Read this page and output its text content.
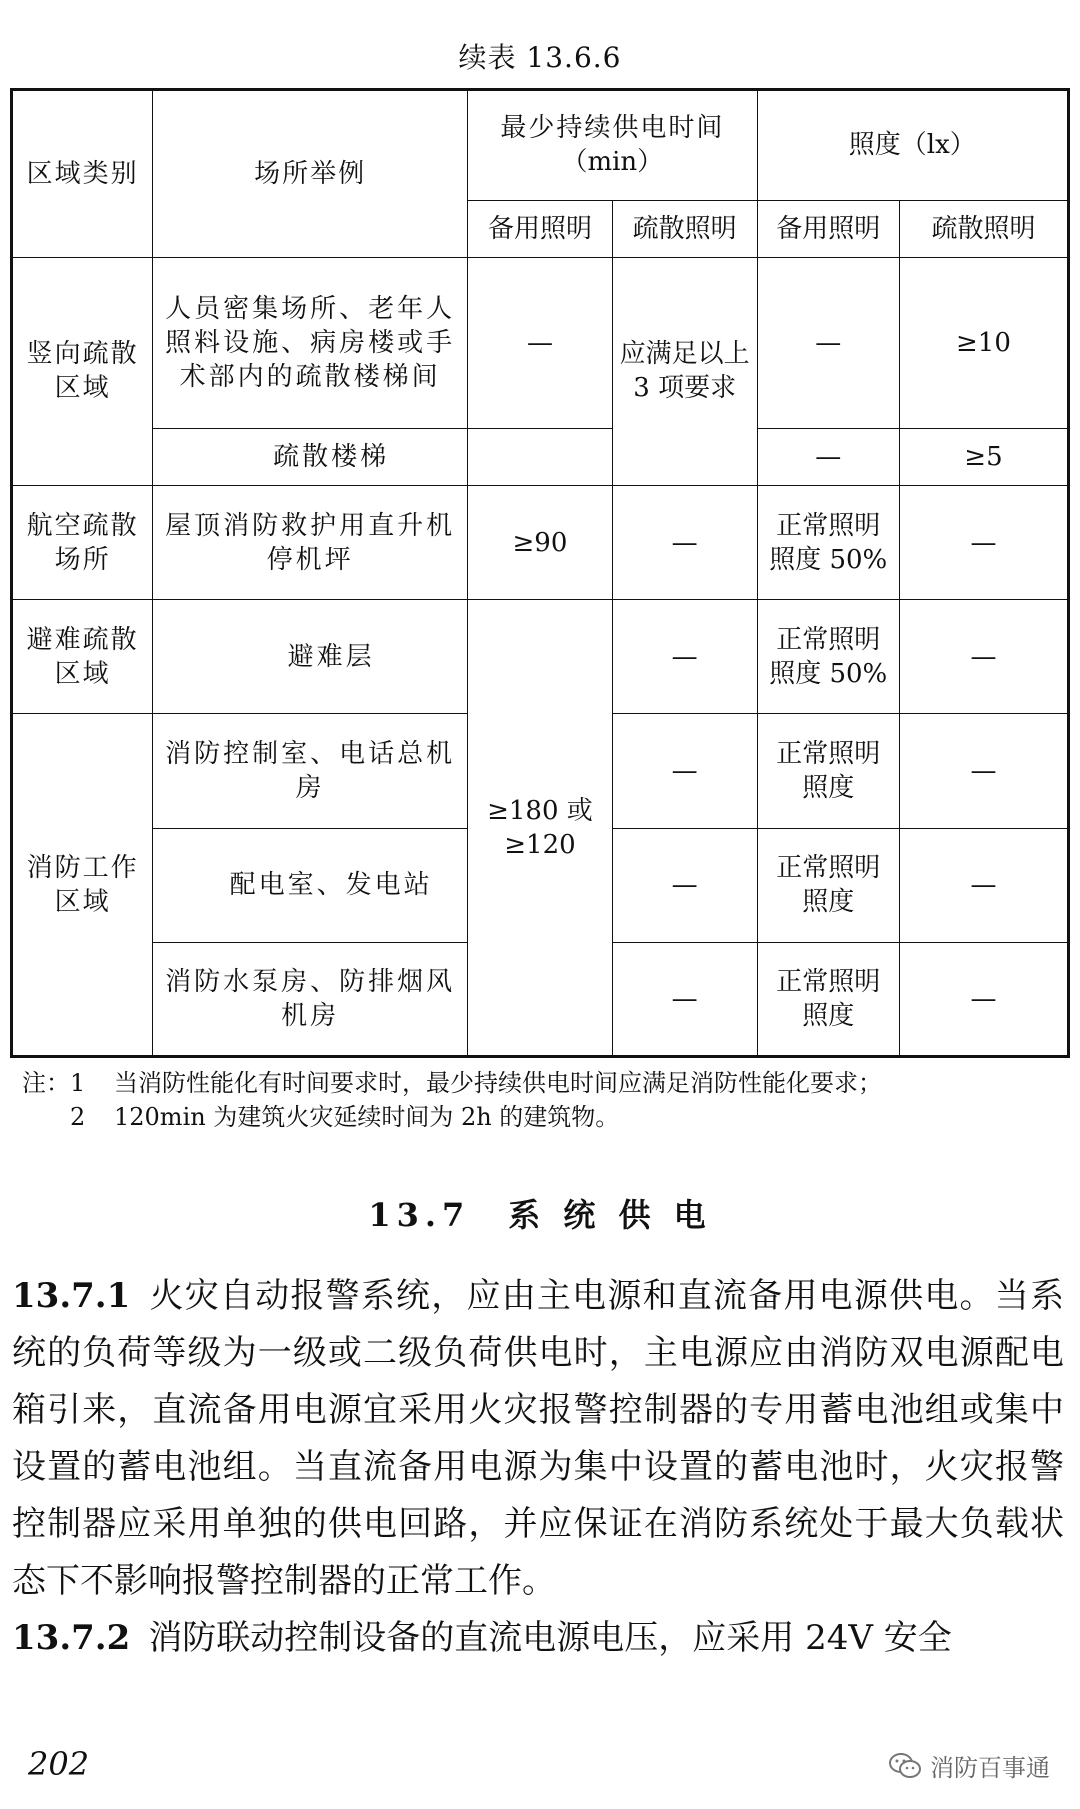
续表 13.6.6
区域类别	场所举例	最少持续供电时间
（min）		照度（lx）	
		备用照明	疏散照明	备用照明	疏散照明
竖向疏散区域	人员密集场所、老年人照料设施、病房楼或手术部内的疏散楼梯间	—	应满足以上 3 项要求	—	≥10
	疏散楼梯			—	≥5
航空疏散场所	屋顶消防救护用直升机停机坪	≥90	—	正常照明照度 50%	—
避难疏散区域	避难层	≥180 或 ≥120	—	正常照明照度 50%	—
消防工作区域	消防控制室、电话总机房		—	正常照明照度	—
	配电室、发电站		—	正常照明照度	—
	消防水泵房、防排烟风机房		—	正常照明照度	—
注： 1	当消防性能化有时间要求时，最少持续供电时间应满足消防性能化要求；
2	120min 为建筑火灾延续时间为 2h 的建筑物。
13.7　系 统 供 电

13.7.1 火灾自动报警系统，应由主电源和直流备用电源供电。当系统的负荷等级为一级或二级负荷供电时，主电源应由消防双电源配电箱引来，直流备用电源宜采用火灾报警控制器的专用蓄电池组或集中设置的蓄电池组。当直流备用电源为集中设置的蓄电池时，火灾报警控制器应采用单独的供电回路，并应保证在消防系统处于最大负载状态下不影响报警控制器的正常工作。

13.7.2 消防联动控制设备的直流电源电压，应采用 24V 安全

202	消防百事通
